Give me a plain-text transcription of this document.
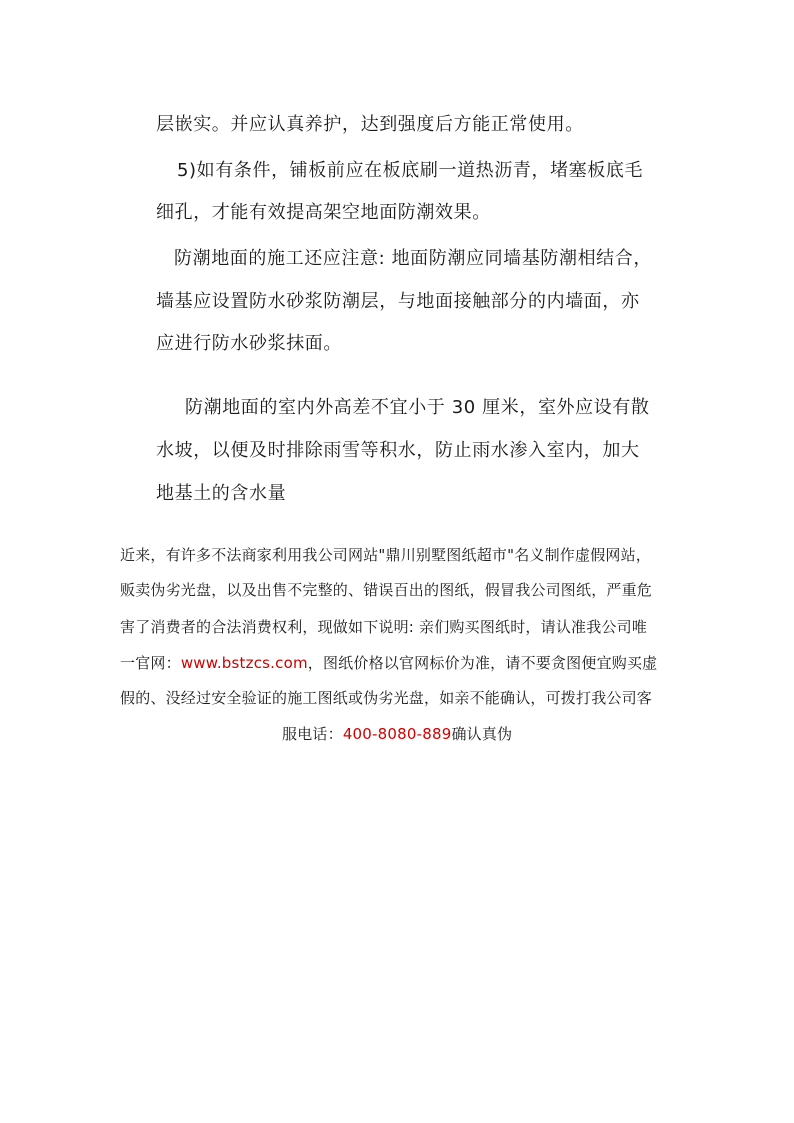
层嵌实。并应认真养护，达到强度后方能正常使用。

5)如有条件，铺板前应在板底刷一道热沥青，堵塞板底毛

细孔，才能有效提高架空地面防潮效果。

防潮地面的施工还应注意: 地面防潮应同墙基防潮相结合，

墙基应设置防水砂浆防潮层，与地面接触部分的内墙面，亦

应进行防水砂浆抹面。

防潮地面的室内外高差不宜小于 30 厘米，室外应设有散

水坡，以便及时排除雨雪等积水，防止雨水渗入室内，加大

地基土的含水量

近来，有许多不法商家利用我公司网站"鼎川别墅图纸超市"名义制作虚假网站，

贩卖伪劣光盘，以及出售不完整的、错误百出的图纸，假冒我公司图纸，严重危

害了消费者的合法消费权利，现做如下说明: 亲们购买图纸时，请认准我公司唯

一官网：www.bstzcs.com，图纸价格以官网标价为准，请不要贪图便宜购买虚

假的、没经过安全验证的施工图纸或伪劣光盘，如亲不能确认，可拨打我公司客

服电话：400-8080-889确认真伪
